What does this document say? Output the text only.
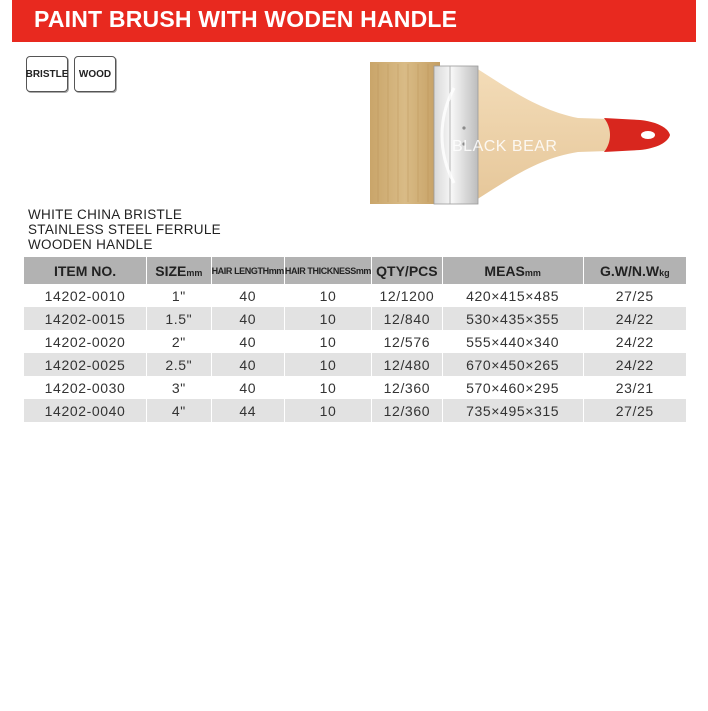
PAINT BRUSH WITH WODEN HANDLE
BRISTLE	WOOD
BLACK BEAR
WHITE CHINA BRISTLE
STAINLESS STEEL FERRULE
WOODEN HANDLE
ITEM NO.	SIZEmm	HAIR LENGTHmm	HAIR THICKNESSmm	QTY/PCS	MEASmm	G.W/N.Wkg
14202-0010	1"	40	10	12/1200	420×415×485	27/25
14202-0015	1.5"	40	10	12/840	530×435×355	24/22
14202-0020	2"	40	10	12/576	555×440×340	24/22
14202-0025	2.5"	40	10	12/480	670×450×265	24/22
14202-0030	3"	40	10	12/360	570×460×295	23/21
14202-0040	4"	44	10	12/360	735×495×315	27/25
